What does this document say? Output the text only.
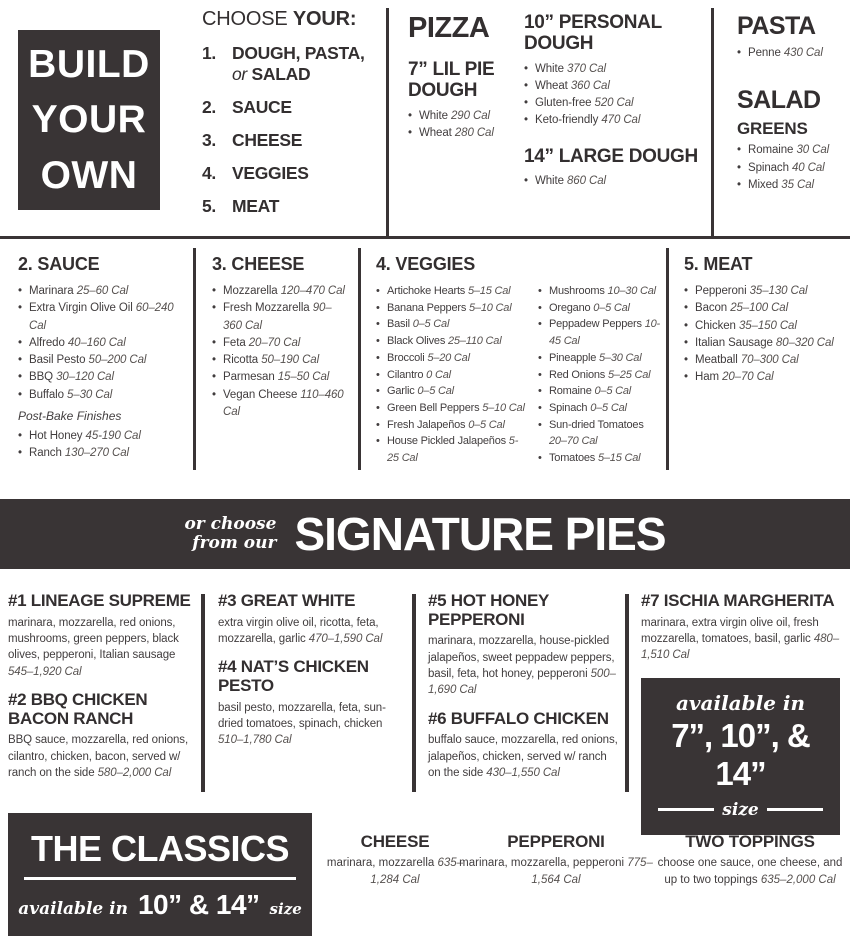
BUILD
YOUR
OWN
CHOOSE YOUR:
1. DOUGH, PASTA,
or SALAD
2. SAUCE
3. CHEESE
4. VEGGIES
5. MEAT
PIZZA
7” LIL PIE DOUGH
• White 290 Cal
• Wheat 280 Cal
10” PERSONAL DOUGH
• White 370 Cal
• Wheat 360 Cal
• Gluten-free 520 Cal
• Keto-friendly 470 Cal
14” LARGE DOUGH
• White 860 Cal
PASTA
• Penne 430 Cal
SALAD
GREENS
• Romaine 30 Cal
• Spinach 40 Cal
• Mixed 35 Cal
2. SAUCE
• Marinara 25–60 Cal
• Extra Virgin Olive Oil 60–240 Cal
• Alfredo 40–160 Cal
• Basil Pesto 50–200 Cal
• BBQ 30–120 Cal
• Buffalo 5–30 Cal
Post-Bake Finishes
• Hot Honey 45-190 Cal
• Ranch 130–270 Cal
3. CHEESE
• Mozzarella 120–470 Cal
• Fresh Mozzarella 90–360 Cal
• Feta 20–70 Cal
• Ricotta 50–190 Cal
• Parmesan 15–50 Cal
• Vegan Cheese 110–460 Cal
4. VEGGIES
• Artichoke Hearts 5–15 Cal
• Banana Peppers 5–10 Cal
• Basil 0–5 Cal
• Black Olives 25–110 Cal
• Broccoli 5–20 Cal
• Cilantro 0 Cal
• Garlic 0–5 Cal
• Green Bell Peppers 5–10 Cal
• Fresh Jalapeños 0–5 Cal
• House Pickled Jalapeños 5-25 Cal
• Mushrooms 10–30 Cal
• Oregano 0–5 Cal
• Peppadew Peppers 10-45 Cal
• Pineapple 5–30 Cal
• Red Onions 5–25 Cal
• Romaine 0–5 Cal
• Spinach 0–5 Cal
• Sun-dried Tomatoes 20–70 Cal
• Tomatoes 5–15 Cal
5. MEAT
• Pepperoni 35–130 Cal
• Bacon 25–100 Cal
• Chicken 35–150 Cal
• Italian Sausage 80–320 Cal
• Meatball 70–300 Cal
• Ham 20–70 Cal
or choose
from our SIGNATURE PIES
#1 LINEAGE SUPREME

marinara, mozzarella, red onions, mushrooms, green peppers, black olives, pepperoni, Italian sausage 545–1,920 Cal

#2 BBQ CHICKEN BACON RANCH

BBQ sauce, mozzarella, red onions, cilantro, chicken, bacon, served w/ ranch on the side 580–2,000 Cal

#3 GREAT WHITE

extra virgin olive oil, ricotta, feta, mozzarella, garlic 470–1,590 Cal

#4 NAT’S CHICKEN PESTO

basil pesto, mozzarella, feta, sun-dried tomatoes, spinach, chicken 510–1,780 Cal

#5 HOT HONEY PEPPERONI

marinara, mozzarella, house-pickled jalapeños, sweet peppadew peppers, basil, feta, hot honey, pepperoni 500–1,690 Cal

#6 BUFFALO CHICKEN

buffalo sauce, mozzarella, red onions, jalapeños, chicken, served w/ ranch on the side 430–1,550 Cal

#7 ISCHIA MARGHERITA

marinara, extra virgin olive oil, fresh mozzarella, tomatoes, basil, garlic 480–1,510 Cal

available in
7”, 10”, & 14”
size
THE CLASSICS
available in 10” & 14” size
CHEESE

marinara, mozzarella 635–1,284 Cal

PEPPERONI

marinara, mozzarella, pepperoni 775–1,564 Cal

TWO TOPPINGS

choose one sauce, one cheese, and up to two toppings 635–2,000 Cal
